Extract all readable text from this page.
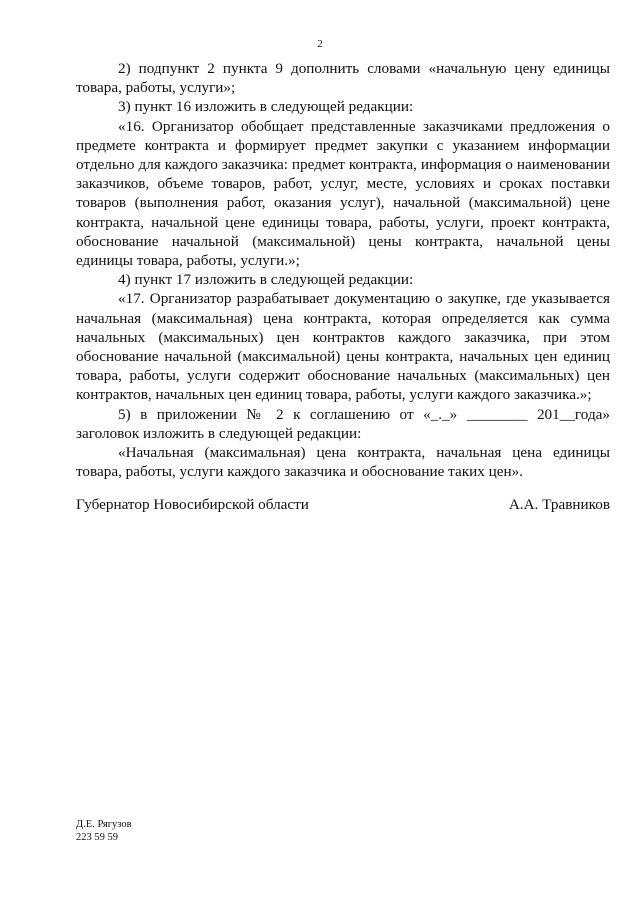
2

2) подпункт 2 пункта 9 дополнить словами «начальную цену единицы товара, работы, услуги»;

3) пункт 16 изложить в следующей редакции:

«16. Организатор обобщает представленные заказчиками предложения о предмете контракта и формирует предмет закупки с указанием информации отдельно для каждого заказчика: предмет контракта, информация о наименовании заказчиков, объеме товаров, работ, услуг, месте, условиях и сроках поставки товаров (выполнения работ, оказания услуг), начальной (максимальной) цене контракта, начальной цене единицы товара, работы, услуги, проект контракта, обоснование начальной (максимальной) цены контракта, начальной цены единицы товара, работы, услуги.»;

4) пункт 17 изложить в следующей редакции:

«17. Организатор разрабатывает документацию о закупке, где указывается начальная (максимальная) цена контракта, которая определяется как сумма начальных (максимальных) цен контрактов каждого заказчика, при этом обоснование начальной (максимальной) цены контракта, начальных цен единиц товара, работы, услуги содержит обоснование начальных (максимальных) цен контрактов, начальных цен единиц товара, работы, услуги каждого заказчика.»;

5) в приложении № 2 к соглашению от «_._» ________ 201__года» заголовок изложить в следующей редакции:

«Начальная (максимальная) цена контракта, начальная цена единицы товара, работы, услуги каждого заказчика и обоснование таких цен».

Губернатор Новосибирской области	А.А. Травников
Д.Е. Рягузов
223 59 59
